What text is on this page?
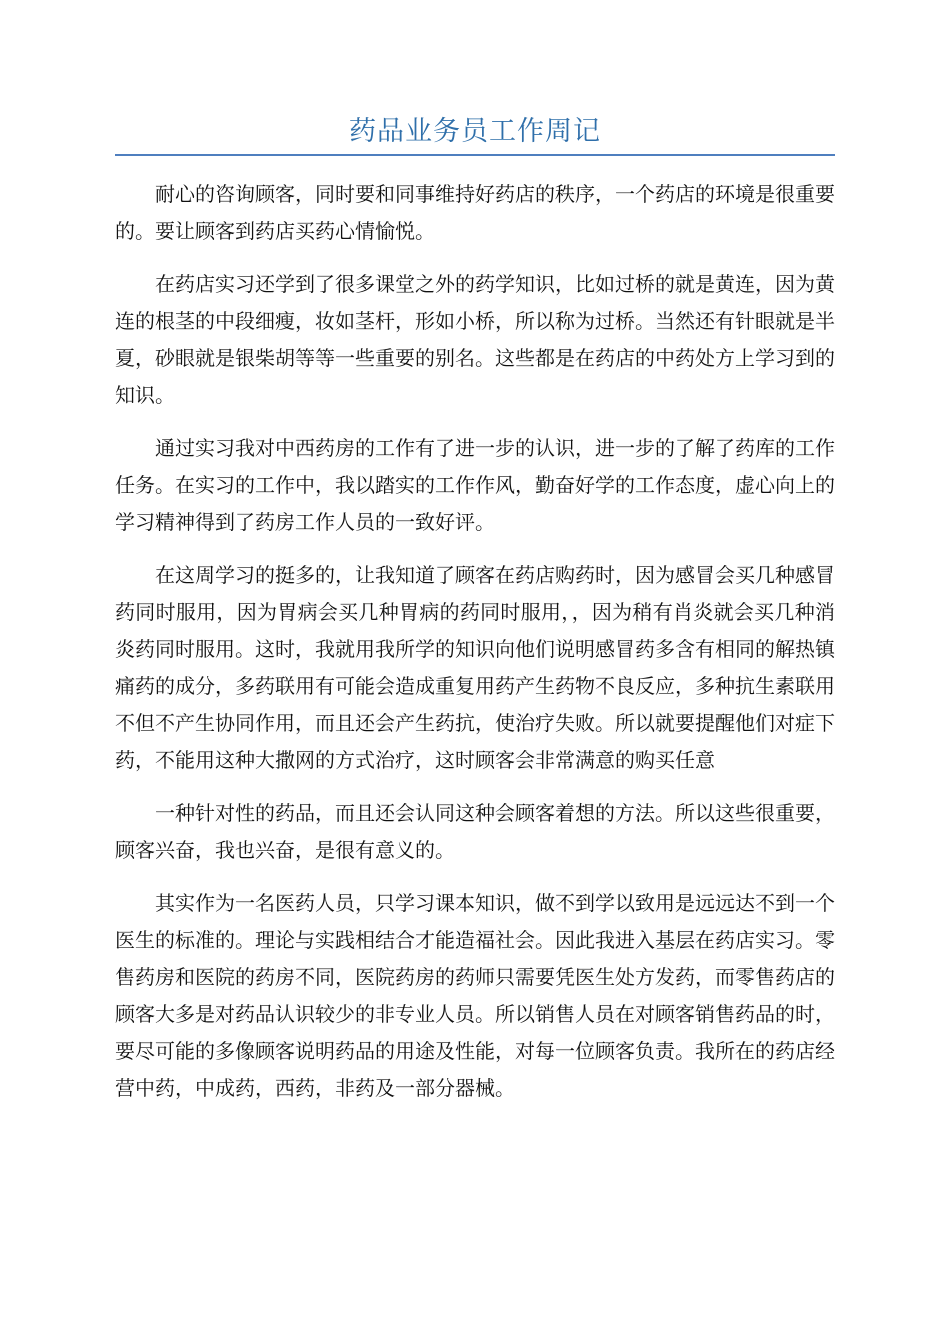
药品业务员工作周记

耐心的咨询顾客，同时要和同事维持好药店的秩序，一个药店的环境是很重要的。要让顾客到药店买药心情愉悦。

在药店实习还学到了很多课堂之外的药学知识，比如过桥的就是黄连，因为黄连的根茎的中段细瘦，妆如茎杆，形如小桥，所以称为过桥。当然还有针眼就是半夏，砂眼就是银柴胡等等一些重要的别名。这些都是在药店的中药处方上学习到的知识。

通过实习我对中西药房的工作有了进一步的认识，进一步的了解了药库的工作任务。在实习的工作中，我以踏实的工作作风，勤奋好学的工作态度，虚心向上的学习精神得到了药房工作人员的一致好评。

在这周学习的挺多的，让我知道了顾客在药店购药时，因为感冒会买几种感冒药同时服用，因为胃病会买几种胃病的药同时服用，，因为稍有肖炎就会买几种消炎药同时服用。这时，我就用我所学的知识向他们说明感冒药多含有相同的解热镇痛药的成分，多药联用有可能会造成重复用药产生药物不良反应，多种抗生素联用不但不产生协同作用，而且还会产生药抗，使治疗失败。所以就要提醒他们对症下药，不能用这种大撒网的方式治疗，这时顾客会非常满意的购买任意

一种针对性的药品，而且还会认同这种会顾客着想的方法。所以这些很重要，顾客兴奋，我也兴奋，是很有意义的。

其实作为一名医药人员，只学习课本知识，做不到学以致用是远远达不到一个医生的标准的。理论与实践相结合才能造福社会。因此我进入基层在药店实习。零售药房和医院的药房不同，医院药房的药师只需要凭医生处方发药，而零售药店的顾客大多是对药品认识较少的非专业人员。所以销售人员在对顾客销售药品的时，要尽可能的多像顾客说明药品的用途及性能，对每一位顾客负责。我所在的药店经营中药，中成药，西药，非药及一部分器械。
